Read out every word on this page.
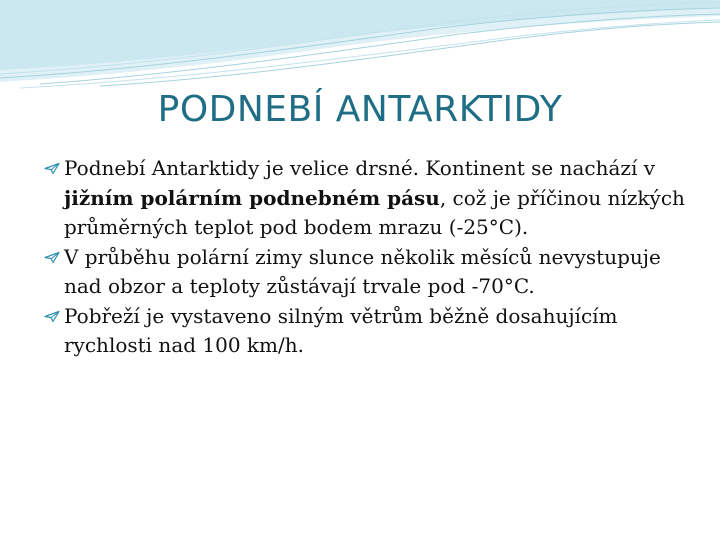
PODNEBÍ ANTARKTIDY

Podnebí Antarktidy je velice drsné. Kontinent se nachází v jižním polárním podnebném pásu, což je příčinou nízkých průměrných teplot pod bodem mrazu (-25°C).

V průběhu polární zimy slunce několik měsíců nevystupuje nad obzor a teploty zůstávají trvale pod -70°C.

Pobřeží je vystaveno silným větrům běžně dosahujícím rychlosti nad 100 km/h.
